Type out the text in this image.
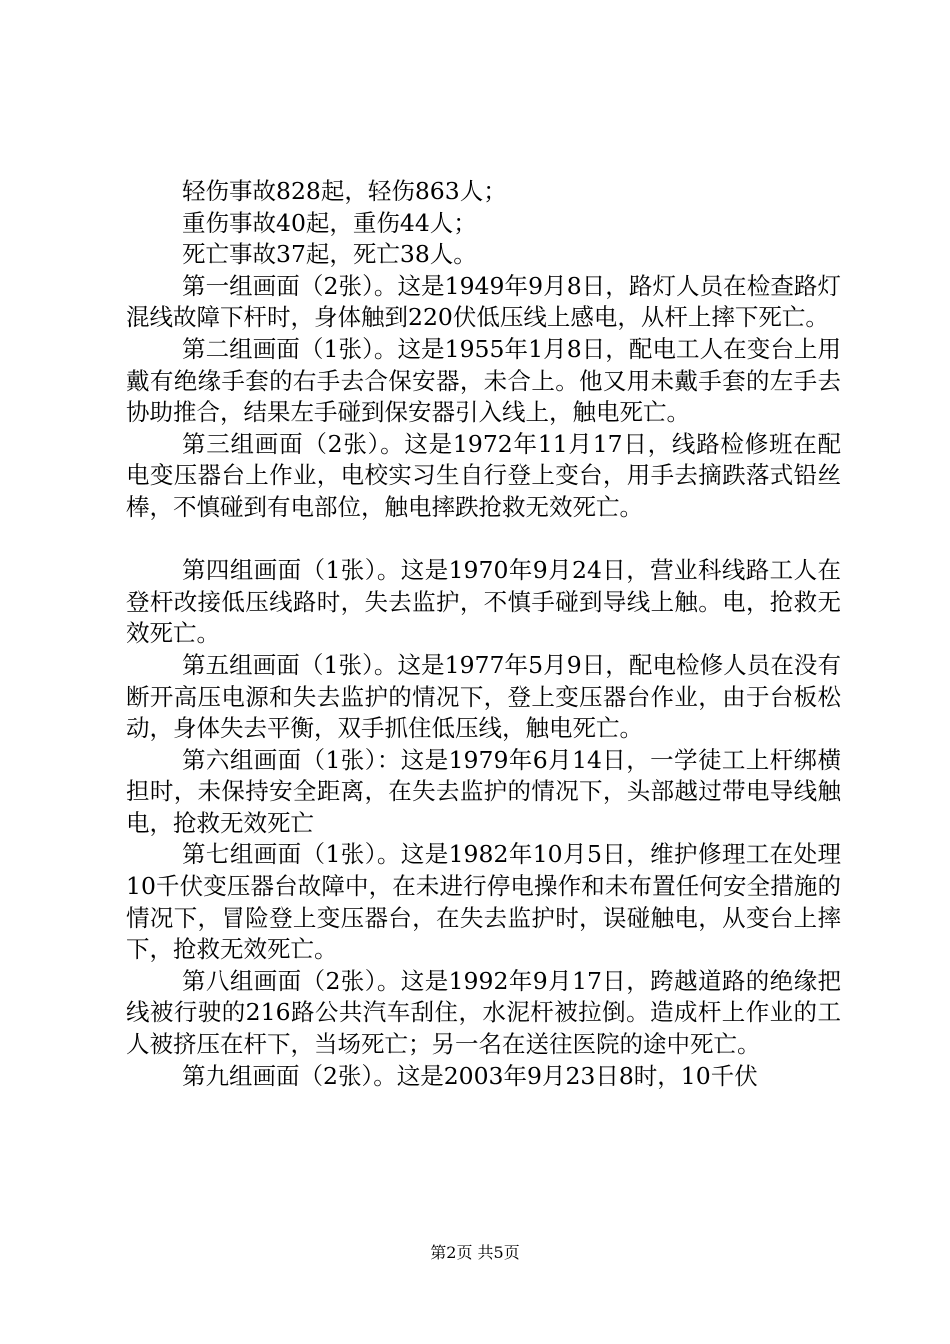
轻伤事故828起，轻伤863人；

重伤事故40起，重伤44人；

死亡事故37起，死亡38人。

第一组画面（2张）。这是1949年9月8日，路灯人员在检查路灯混线故障下杆时，身体触到220伏低压线上感电，从杆上摔下死亡。

第二组画面（1张）。这是1955年1月8日，配电工人在变台上用戴有绝缘手套的右手去合保安器，未合上。他又用未戴手套的左手去协助推合，结果左手碰到保安器引入线上，触电死亡。

第三组画面（2张）。这是1972年11月17日，线路检修班在配电变压器台上作业，电校实习生自行登上变台，用手去摘跌落式铅丝棒，不慎碰到有电部位，触电摔跌抢救无效死亡。

第四组画面（1张）。这是1970年9月24日，营业科线路工人在登杆改接低压线路时，失去监护，不慎手碰到导线上触。电，抢救无效死亡。

第五组画面（1张）。这是1977年5月9日，配电检修人员在没有断开高压电源和失去监护的情况下，登上变压器台作业，由于台板松动，身体失去平衡，双手抓住低压线，触电死亡。

第六组画面（1张）：这是1979年6月14日，一学徒工上杆绑横担时，未保持安全距离，在失去监护的情况下，头部越过带电导线触电，抢救无效死亡

第七组画面（1张）。这是1982年10月5日，维护修理工在处理10千伏变压器台故障中，在未进行停电操作和未布置任何安全措施的情况下，冒险登上变压器台，在失去监护时，误碰触电，从变台上摔下，抢救无效死亡。

第八组画面（2张）。这是1992年9月17日，跨越道路的绝缘把线被行驶的216路公共汽车刮住，水泥杆被拉倒。造成杆上作业的工人被挤压在杆下，当场死亡；另一名在送往医院的途中死亡。

第九组画面（2张）。这是2003年9月23日8时，10千伏

第2页 共5页
